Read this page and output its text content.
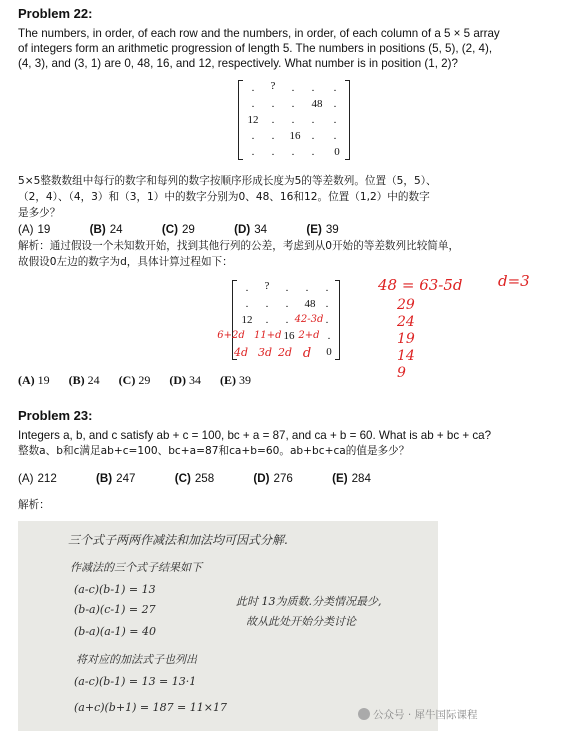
Problem 22:
The numbers, in order, of each row and the numbers, in order, of each column of a 5 × 5 array
of integers form an arithmetic progression of length 5. The numbers in positions (5, 5), (2, 4),
(4, 3), and (3, 1) are 0, 48, 16, and 12, respectively. What number is in position (1, 2)?
.	?	.	.	.
.	.	.	48	.
12	.	.	.	.
.	.	16	.	.
.	.	.	.	0
5×5整数数组中每行的数字和每列的数字按顺序形成长度为5的等差数列。位置（5，5）、
（2，4）、（4，3）和（3，1）中的数字分别为0、48、16和12。位置（1,2）中的数字
是多少？
(A) 19	(B) 24	(C) 29	(D) 34	(E) 39
解析：通过假设一个未知数开始，找到其他行列的公差，考虑到从0开始的等差数列比较简单，
故假设0左边的数字为d，具体计算过程如下：
.	?	.	.	.
.	.	.	48 .
12	.	. 42-3d .
6+2d 11+d 16 2+d .
4d 3d 2d d	0
48 = 63-5d d=3
29
24
19
14
9
(A) 19 (B) 24 (C) 29 (D) 34 (E) 39
Problem 23:
Integers a, b, and c satisfy ab + c = 100, bc + a = 87, and ca + b = 60. What is ab + bc + ca?
整数a、b和c满足ab+c=100、bc+a=87和ca+b=60。ab+bc+ca的值是多少？
(A) 212	(B) 247	(C) 258	(D) 276	(E) 284
解析：
三个式子两两作减法和加法均可因式分解.
作减法的三个式子结果如下
(a-c)(b-1) = 13
(b-a)(c-1) = 27
(b-a)(a-1) = 40
此时 13为质数.分类情况最少,
故从此处开始分类讨论
将对应的加法式子也列出
(a-c)(b-1) = 13 = 13·1
(a+c)(b+1) = 187 = 11×17
公众号 · 犀牛国际课程
